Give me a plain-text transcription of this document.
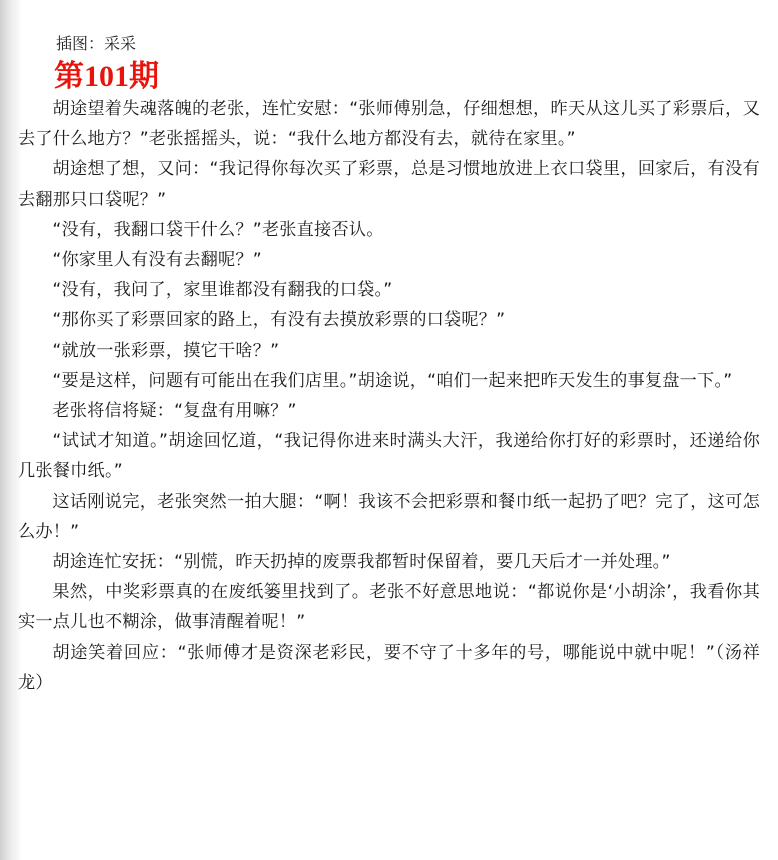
插图：采采
第101期

胡途望着失魂落魄的老张，连忙安慰：“张师傅别急，仔细想想，昨天从这儿买了彩票后，又去了什么地方？”老张摇摇头，说：“我什么地方都没有去，就待在家里。”

胡途想了想，又问：“我记得你每次买了彩票，总是习惯地放进上衣口袋里，回家后，有没有去翻那只口袋呢？”

“没有，我翻口袋干什么？”老张直接否认。

“你家里人有没有去翻呢？”

“没有，我问了，家里谁都没有翻我的口袋。”

“那你买了彩票回家的路上，有没有去摸放彩票的口袋呢？”

“就放一张彩票，摸它干啥？”

“要是这样，问题有可能出在我们店里。”胡途说，“咱们一起来把昨天发生的事复盘一下。”

老张将信将疑：“复盘有用嘛？”

“试试才知道。”胡途回忆道，“我记得你进来时满头大汗，我递给你打好的彩票时，还递给你几张餐巾纸。”

这话刚说完，老张突然一拍大腿：“啊！我该不会把彩票和餐巾纸一起扔了吧？完了，这可怎么办！”

胡途连忙安抚：“别慌，昨天扔掉的废票我都暂时保留着，要几天后才一并处理。”

果然，中奖彩票真的在废纸篓里找到了。老张不好意思地说：“都说你是‘小胡涂’，我看你其实一点儿也不糊涂，做事清醒着呢！”

胡途笑着回应：“张师傅才是资深老彩民，要不守了十多年的号，哪能说中就中呢！”（汤祥龙）
